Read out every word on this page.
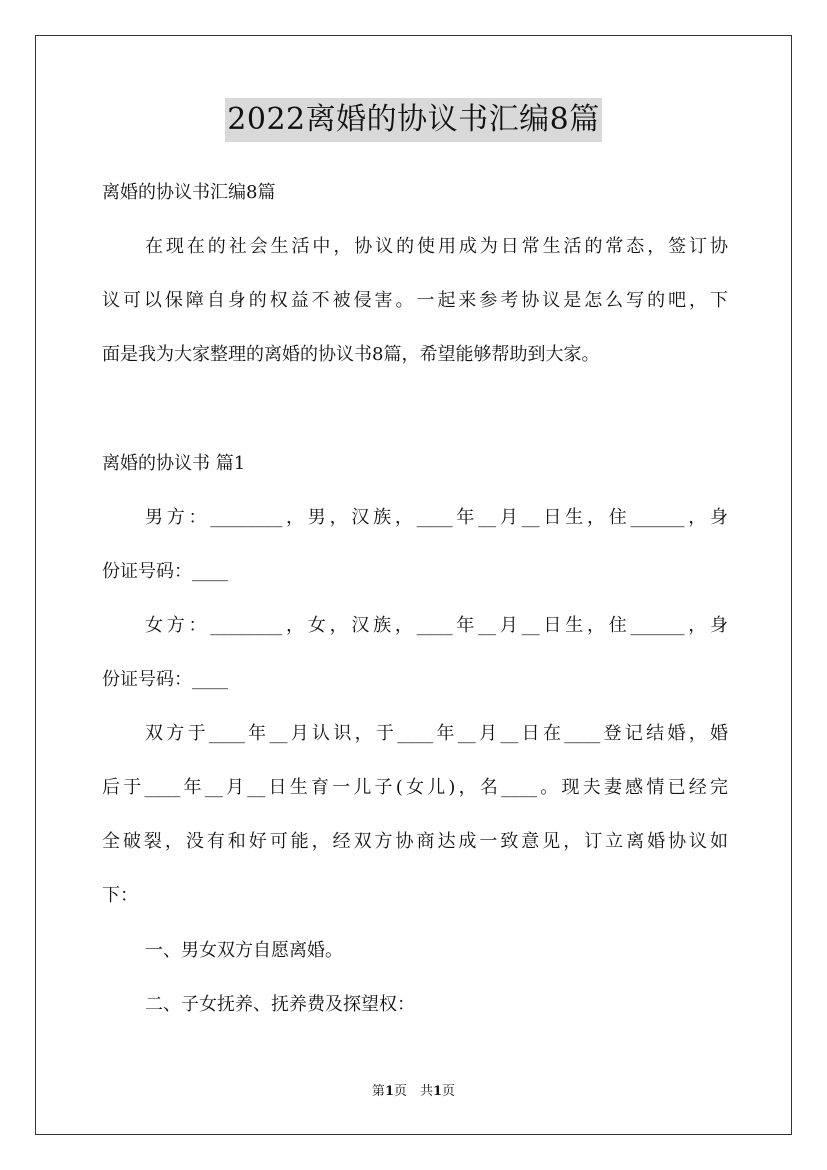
2022离婚的协议书汇编8篇
离婚的协议书汇编8篇
在现在的社会生活中，协议的使用成为日常生活的常态，签订协
议可以保障自身的权益不被侵害。一起来参考协议是怎么写的吧，下
面是我为大家整理的离婚的协议书8篇，希望能够帮助到大家。
离婚的协议书 篇1
男方：________，男，汉族，____年__月__日生，住______，身
份证号码：____
女方：________，女，汉族，____年__月__日生，住______，身
份证号码：____
双方于____年__月认识，于____年__月__日在____登记结婚，婚
后于____年__月__日生育一儿子(女儿)，名____。现夫妻感情已经完
全破裂，没有和好可能，经双方协商达成一致意见，订立离婚协议如
下：
一、男女双方自愿离婚。
二、子女抚养、抚养费及探望权：
第1页　共1页
